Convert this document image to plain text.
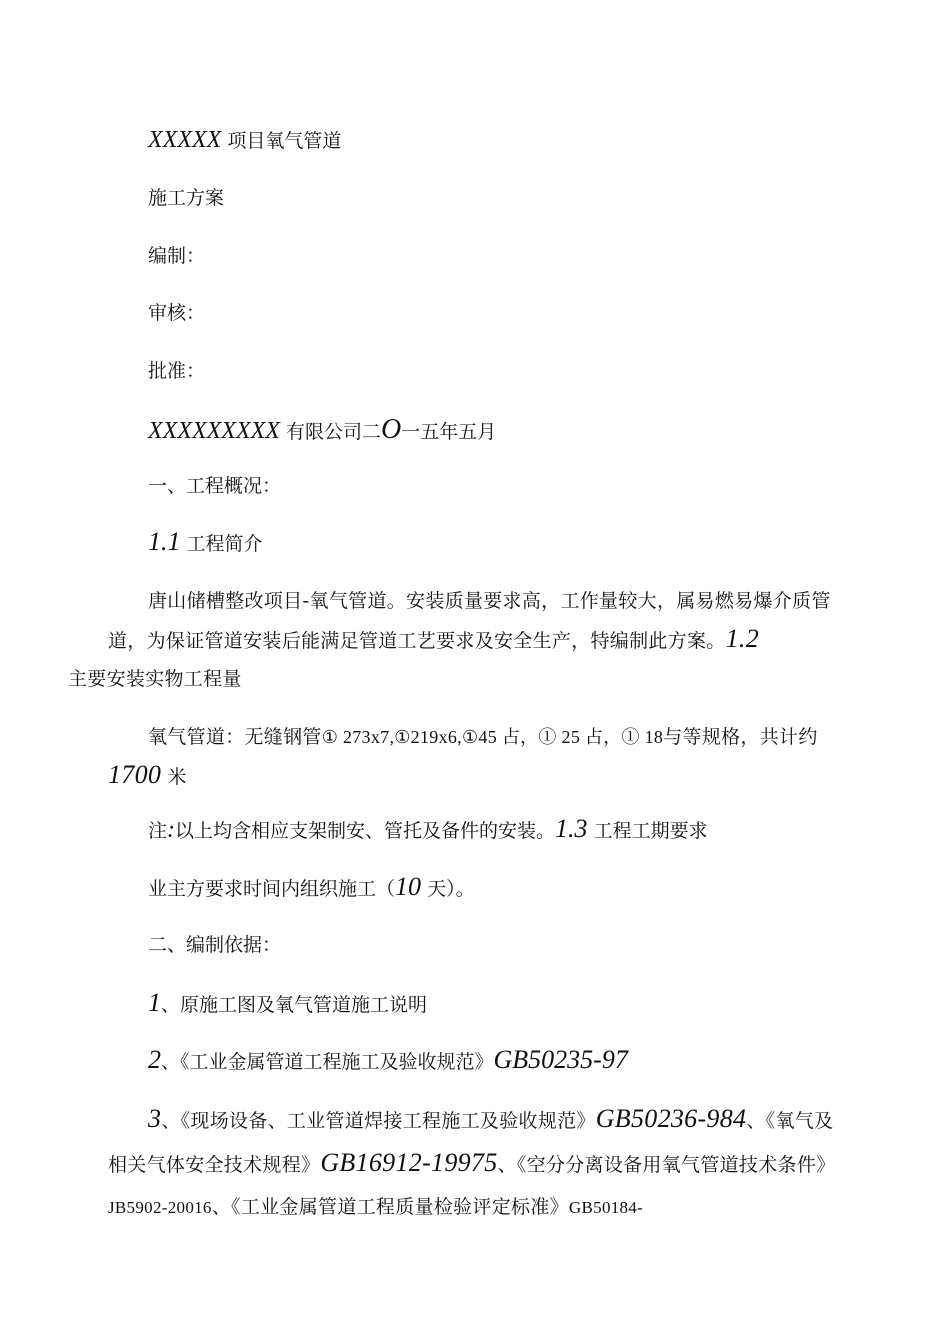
XXXXX 项目氧气管道
施工方案
编制：
审核：
批准：
XXXXXXXXX 有限公司二O一五年五月
一、工程概况：
1.1 工程简介
唐山储槽整改项目-氧气管道。安装质量要求高，工作量较大，属易燃易爆介质管道，为保证管道安装后能满足管道工艺要求及安全生产，特编制此方案。1.2
主要安装实物工程量
氧气管道：无缝钢管① 273x7,①219x6,①45 占，① 25 占，① 18与等规格，共计约1700 米
注:以上均含相应支架制安、管托及备件的安装。1.3 工程工期要求
业主方要求时间内组织施工（10 天）。
二、编制依据：
1、原施工图及氧气管道施工说明
2、《工业金属管道工程施工及验收规范》GB50235-97
3、《现场设备、工业管道焊接工程施工及验收规范》GB50236-984、《氧气及相关气体安全技术规程》GB16912-19975、《空分分离设备用氧气管道技术条件》JB5902-20016、《工业金属管道工程质量检验评定标准》GB50184-
